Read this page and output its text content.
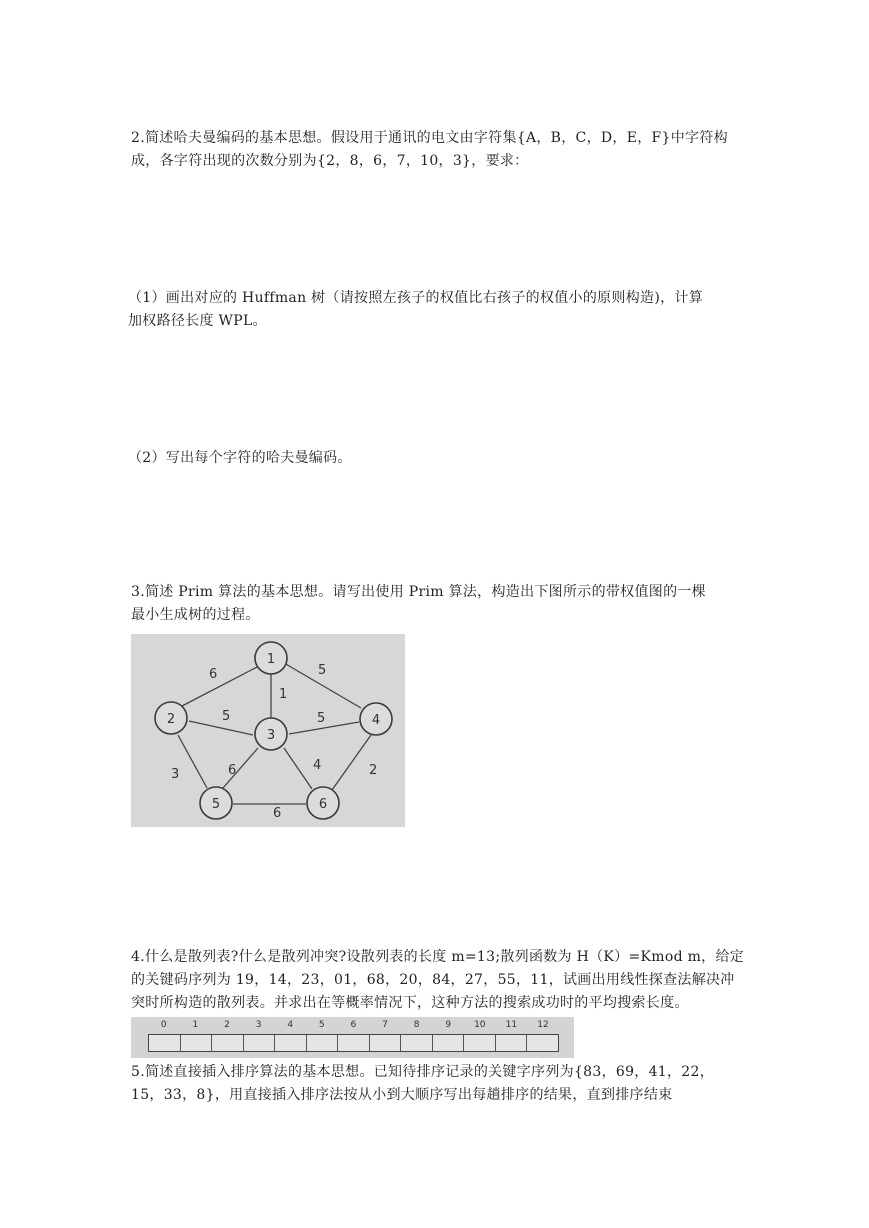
2.简述哈夫曼编码的基本思想。假设用于通讯的电文由字符集{A，B，C，D，E，F}中字符构
成，各字符出现的次数分别为{2，8，6，7，10，3}，要求：
（1）画出对应的 Huffman 树（请按照左孩子的权值比右孩子的权值小的原则构造)，计算
加权路径长度 WPL。
（2）写出每个字符的哈夫曼编码。
3.简述 Prim 算法的基本思想。请写出使用 Prim 算法，构造出下图所示的带权值图的一棵
最小生成树的过程。
6	5
1
5	5
3	6	4	2
6
1
2
3
4
5	6
4.什么是散列表?什么是散列冲突?设散列表的长度 m=13;散列函数为 H（K）=Kmod m，给定
的关键码序列为 19，14，23，01，68，20，84，27，55，11，试画出用线性探查法解决冲
突时所构造的散列表。并求出在等概率情况下，这种方法的搜索成功时的平均搜索长度。
0	1	2	3	4	5	6	7	8	9	10	11	12
5.简述直接插入排序算法的基本思想。已知待排序记录的关键字序列为{83，69，41，22，
15，33，8}，用直接插入排序法按从小到大顺序写出每趟排序的结果，直到排序结束
